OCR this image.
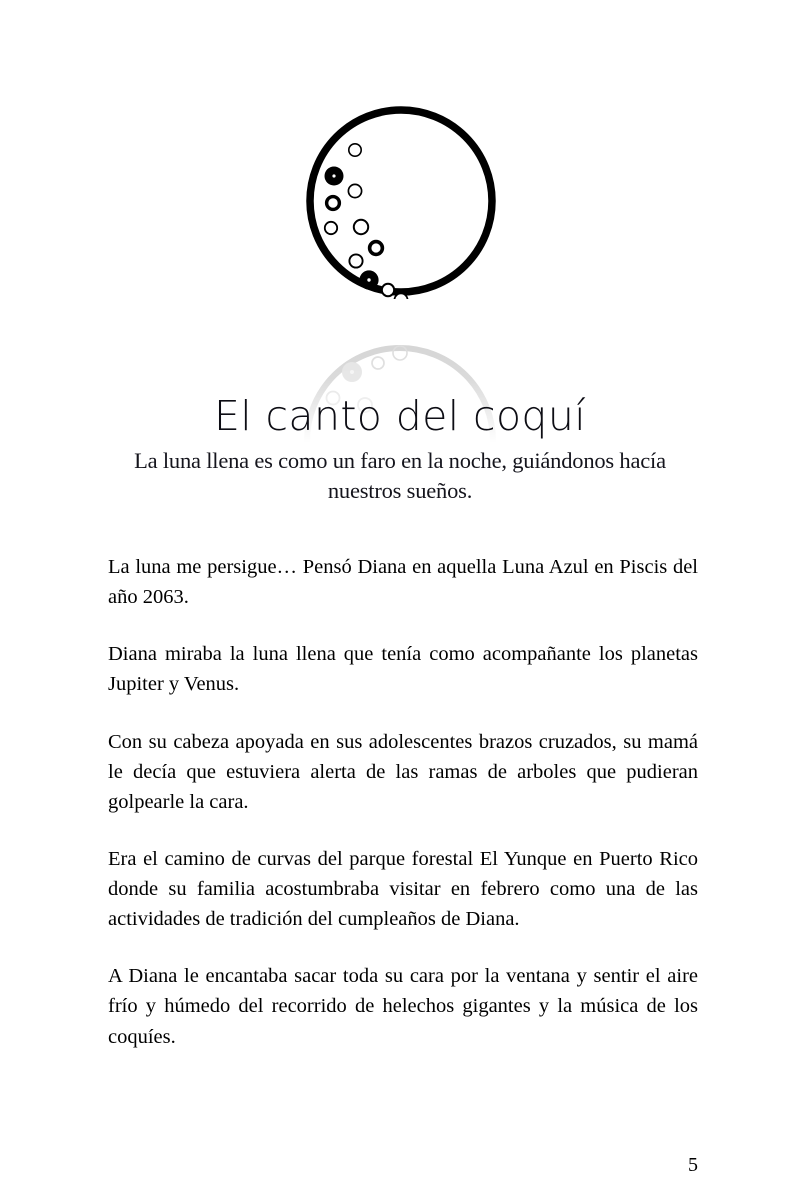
El canto del coquí
La luna llena es como un faro en la noche, guiándonos hacía nuestros sueños.

La luna me persigue… Pensó Diana en aquella Luna Azul en Piscis del año 2063.

Diana miraba la luna llena que tenía como acompañante los planetas Jupiter y Venus.

Con su cabeza apoyada en sus adolescentes brazos cruzados, su mamá le decía que estuviera alerta de las ramas de arboles que pudieran golpearle la cara.

Era el camino de curvas del parque forestal El Yunque en Puerto Rico donde su familia acostumbraba visitar en febrero como una de las actividades de tradición del cumpleaños de Diana.

A Diana le encantaba sacar toda su cara por la ventana y sentir el aire frío y húmedo del recorrido de helechos gigantes y la música de los coquíes.

5
